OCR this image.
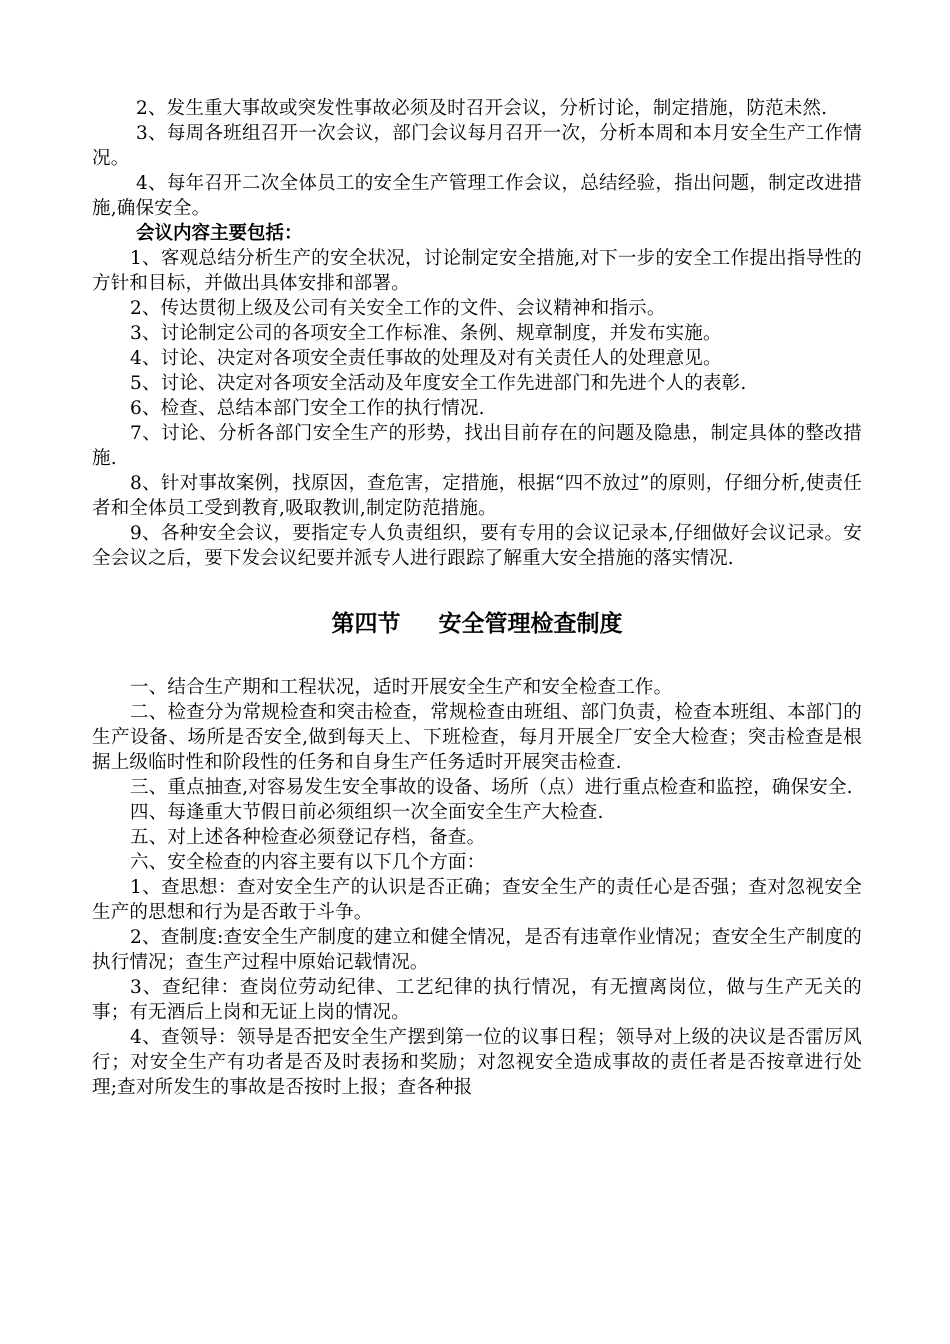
2、发生重大事故或突发性事故必须及时召开会议，分析讨论，制定措施，防范未然.

3、每周各班组召开一次会议，部门会议每月召开一次，分析本周和本月安全生产工作情况。

4、每年召开二次全体员工的安全生产管理工作会议，总结经验，指出问题，制定改进措施,确保安全。

会议内容主要包括：

1、客观总结分析生产的安全状况，讨论制定安全措施,对下一步的安全工作提出指导性的方针和目标，并做出具体安排和部署。

2、传达贯彻上级及公司有关安全工作的文件、会议精神和指示。

3、讨论制定公司的各项安全工作标准、条例、规章制度，并发布实施。

4、讨论、决定对各项安全责任事故的处理及对有关责任人的处理意见。

5、讨论、决定对各项安全活动及年度安全工作先进部门和先进个人的表彰.

6、检查、总结本部门安全工作的执行情况.

7、讨论、分析各部门安全生产的形势，找出目前存在的问题及隐患，制定具体的整改措施.

8、针对事故案例，找原因，查危害，定措施，根据“四不放过”的原则，仔细分析,使责任者和全体员工受到教育,吸取教训,制定防范措施。

9、各种安全会议，要指定专人负责组织，要有专用的会议记录本,仔细做好会议记录。安全会议之后，要下发会议纪要并派专人进行跟踪了解重大安全措施的落实情况.

第四节 安全管理检查制度

一、结合生产期和工程状况，适时开展安全生产和安全检查工作。

二、检查分为常规检查和突击检查，常规检查由班组、部门负责，检查本班组、本部门的生产设备、场所是否安全,做到每天上、下班检查，每月开展全厂安全大检查；突击检查是根据上级临时性和阶段性的任务和自身生产任务适时开展突击检查.

三、重点抽查,对容易发生安全事故的设备、场所（点）进行重点检查和监控，确保安全.

四、每逢重大节假日前必须组织一次全面安全生产大检查.

五、对上述各种检查必须登记存档，备查。

六、安全检查的内容主要有以下几个方面：

1、查思想：查对安全生产的认识是否正确；查安全生产的责任心是否强；查对忽视安全生产的思想和行为是否敢于斗争。

2、查制度:查安全生产制度的建立和健全情况，是否有违章作业情况；查安全生产制度的执行情况；查生产过程中原始记载情况。

3、查纪律：查岗位劳动纪律、工艺纪律的执行情况，有无擅离岗位，做与生产无关的事；有无酒后上岗和无证上岗的情况。

4、查领导：领导是否把安全生产摆到第一位的议事日程；领导对上级的决议是否雷厉风行；对安全生产有功者是否及时表扬和奖励；对忽视安全造成事故的责任者是否按章进行处理;查对所发生的事故是否按时上报；查各种报
